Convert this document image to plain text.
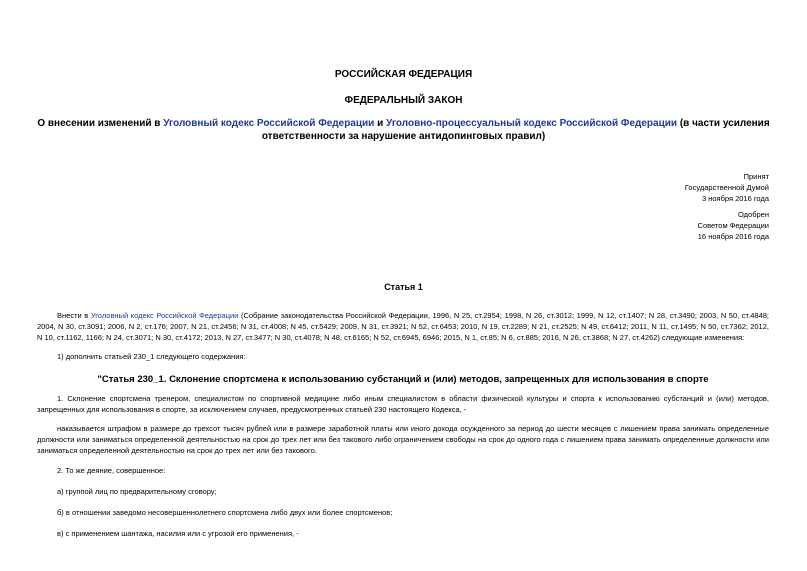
РОССИЙСКАЯ ФЕДЕРАЦИЯ
ФЕДЕРАЛЬНЫЙ ЗАКОН
О внесении изменений в Уголовный кодекс Российской Федерации и Уголовно-процессуальный кодекс Российской Федерации (в части усиления
ответственности за нарушение антидопинговых правил)
Принят
Государственной Думой
3 ноября 2016 года
Одобрен
Советом Федерации
16 ноября 2016 года
Статья 1
Внести в Уголовный кодекс Российской Федерации (Собрание законодательства Российской Федерации, 1996, N 25, ст.2954; 1998, N 26, ст.3012; 1999, N 12, ст.1407; N 28, ст.3490; 2003, N 50, ст.4848; 2004, N 30, ст.3091; 2006, N 2, ст.176; 2007, N 21, ст.2456; N 31, ст.4008; N 45, ст.5429; 2009, N 31, ст.3921; N 52, ст.6453; 2010, N 19, ст.2289; N 21, ст.2525; N 49, ст.6412; 2011, N 11, ст.1495; N 50, ст.7362; 2012, N 10, ст.1162, 1166; N 24, ст.3071; N 30, ст.4172; 2013, N 27, ст.3477; N 30, ст.4078; N 48, ст.6165; N 52, ст.6945, 6946; 2015, N 1, ст.85; N 6, ст.885; 2016, N 26, ст.3868; N 27, ст.4262) следующие изменения:
1) дополнить статьей 230_1 следующего содержания:
"Статья 230_1. Склонение спортсмена к использованию субстанций и (или) методов, запрещенных для использования в спорте
1. Склонение спортсмена тренером, специалистом по спортивной медицине либо иным специалистом в области физической культуры и спорта к использованию субстанций и (или) методов, запрещенных для использования в спорте, за исключением случаев, предусмотренных статьей 230 настоящего Кодекса, -
наказывается штрафом в размере до трехсот тысяч рублей или в размере заработной платы или иного дохода осужденного за период до шести месяцев с лишением права занимать определенные должности или заниматься определенной деятельностью на срок до трех лет или без такового либо ограничением свободы на срок до одного года с лишением права занимать определенные должности или заниматься определенной деятельностью на срок до трех лет или без такового.
2. То же деяние, совершенное:
а) группой лиц по предварительному сговору;
б) в отношении заведомо несовершеннолетнего спортсмена либо двух или более спортсменов;
в) с применением шантажа, насилия или с угрозой его применения, -
